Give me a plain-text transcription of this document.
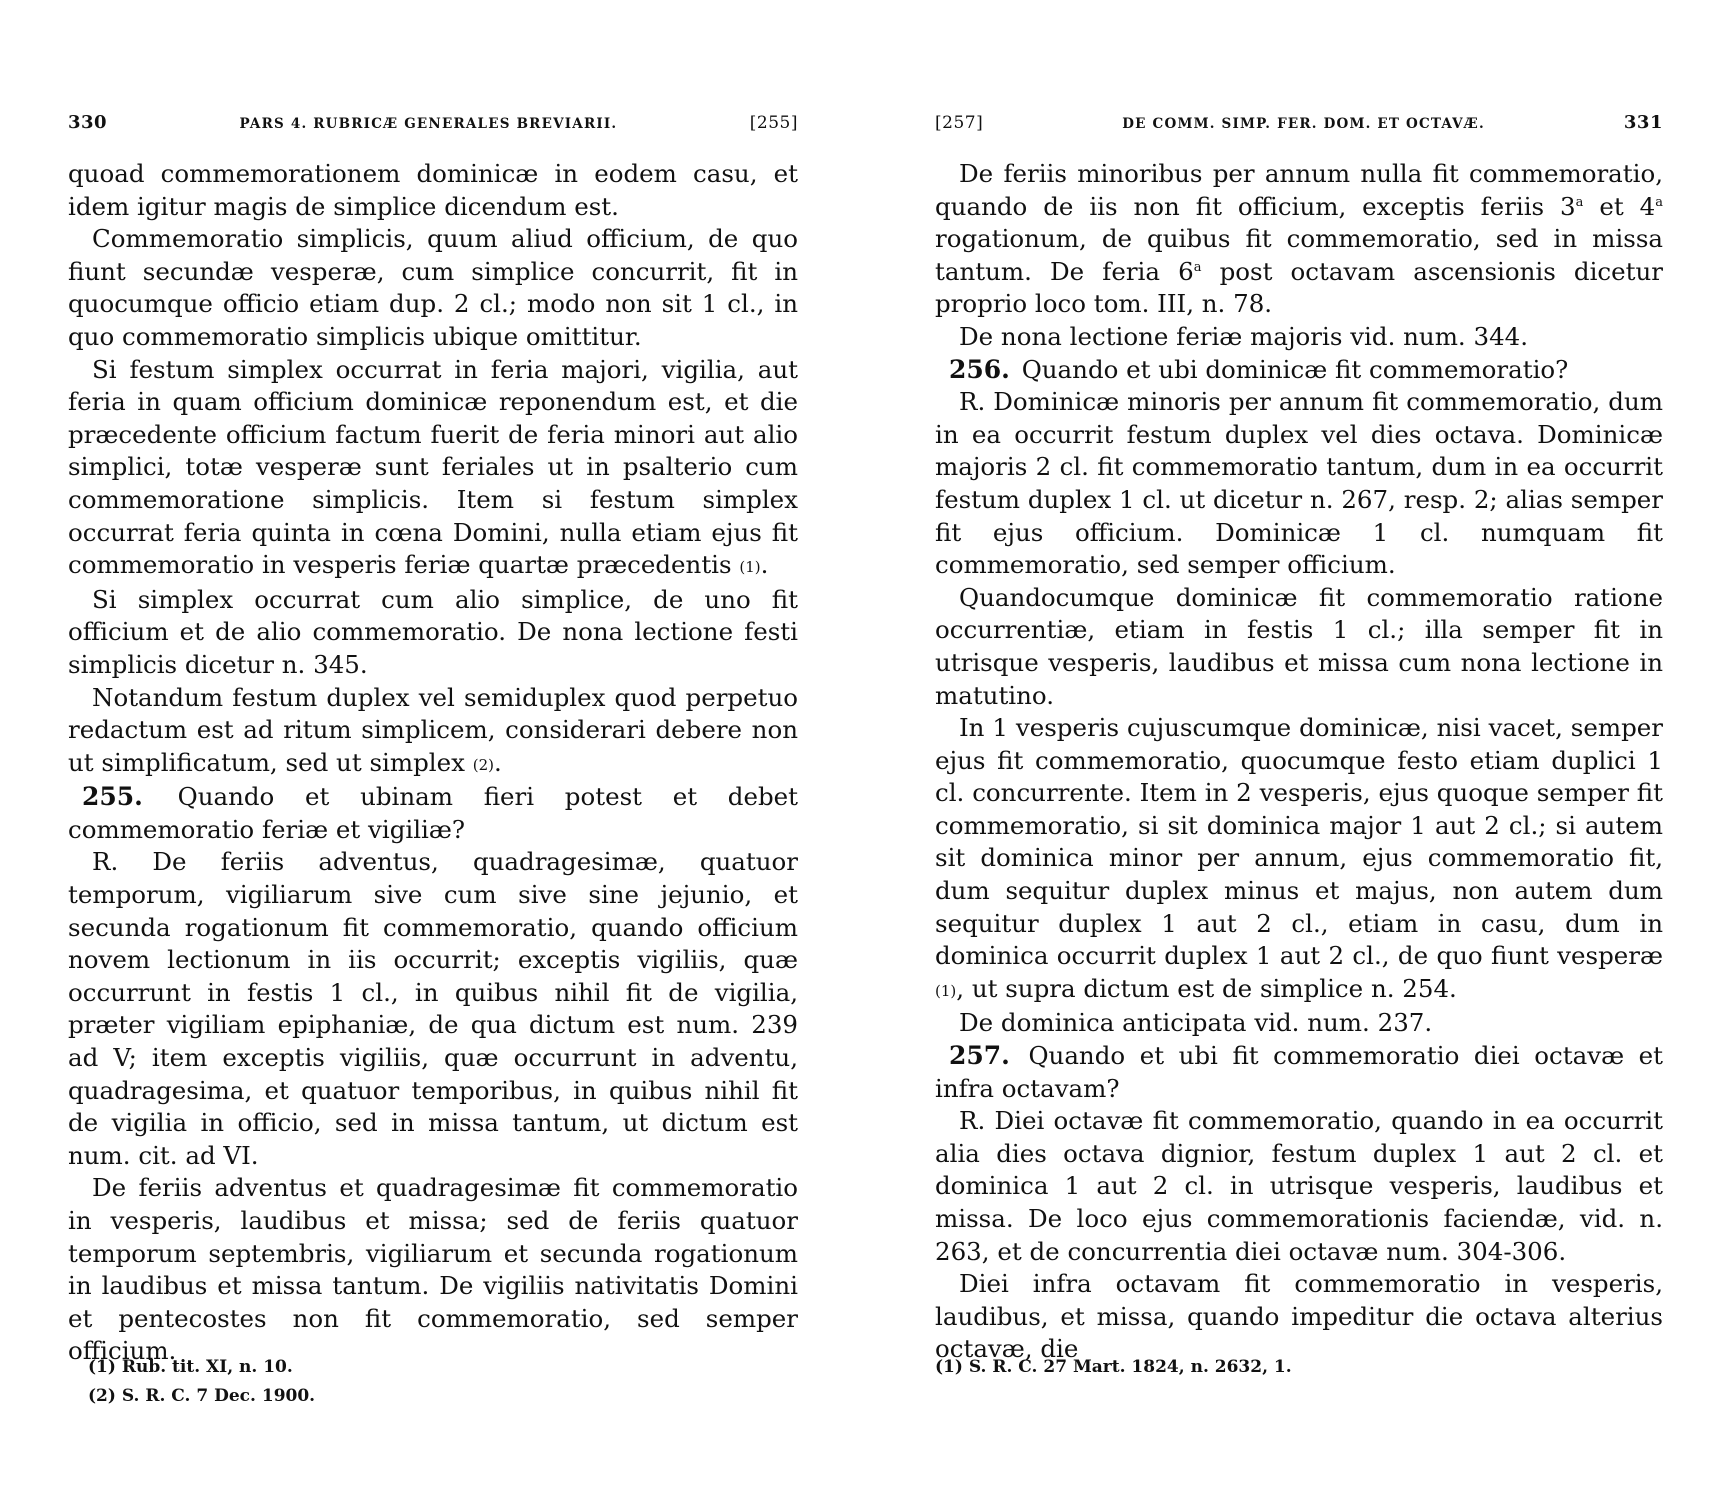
330	PARS 4. RUBRICÆ GENERALES BREVIARII.	[255]

quoad commemorationem dominicæ in eodem casu, et idem igitur magis de simplice dicendum est.

Commemoratio simplicis, quum aliud officium, de quo fiunt secundæ vesperæ, cum simplice concurrit, fit in quocumque officio etiam dup. 2 cl.; modo non sit 1 cl., in quo commemoratio simplicis ubique omittitur.

Si festum simplex occurrat in feria majori, vigilia, aut feria in quam officium dominicæ reponendum est, et die præcedente officium factum fuerit de feria minori aut alio simplici, totæ vesperæ sunt feriales ut in psalterio cum commemoratione simplicis. Item si festum simplex occurrat feria quinta in cœna Domini, nulla etiam ejus fit commemoratio in vesperis feriæ quartæ præcedentis (1).

Si simplex occurrat cum alio simplice, de uno fit officium et de alio commemoratio. De nona lectione festi simplicis dicetur n. 345.

Notandum festum duplex vel semiduplex quod perpetuo redactum est ad ritum simplicem, considerari debere non ut simplificatum, sed ut simplex (2).

255. Quando et ubinam fieri potest et debet commemoratio feriæ et vigiliæ?

R. De feriis adventus, quadragesimæ, quatuor temporum, vigiliarum sive cum sive sine jejunio, et secunda rogationum fit commemoratio, quando officium novem lectionum in iis occurrit; exceptis vigiliis, quæ occurrunt in festis 1 cl., in quibus nihil fit de vigilia, præter vigiliam epiphaniæ, de qua dictum est num. 239 ad V; item exceptis vigiliis, quæ occurrunt in adventu, quadragesima, et quatuor temporibus, in quibus nihil fit de vigilia in officio, sed in missa tantum, ut dictum est num. cit. ad VI.

De feriis adventus et quadragesimæ fit commemoratio in vesperis, laudibus et missa; sed de feriis quatuor temporum septembris, vigiliarum et secunda rogationum in laudibus et missa tantum. De vigiliis nativitatis Domini et pentecostes non fit commemoratio, sed semper officium.

(1) Rub. tit. XI, n. 10.
(2) S. R. C. 7 Dec. 1900.
[257]	DE COMM. SIMP. FER. DOM. ET OCTAVÆ.	331

De feriis minoribus per annum nulla fit commemoratio, quando de iis non fit officium, exceptis feriis 3$^a$ et 4$^a$ rogationum, de quibus fit commemoratio, sed in missa tantum. De feria 6$^a$ post octavam ascensionis dicetur proprio loco tom. III, n. 78.

De nona lectione feriæ majoris vid. num. 344.

256. Quando et ubi dominicæ fit commemoratio?

R. Dominicæ minoris per annum fit commemoratio, dum in ea occurrit festum duplex vel dies octava. Dominicæ majoris 2 cl. fit commemoratio tantum, dum in ea occurrit festum duplex 1 cl. ut dicetur n. 267, resp. 2; alias semper fit ejus officium. Dominicæ 1 cl. numquam fit commemoratio, sed semper officium.

Quandocumque dominicæ fit commemoratio ratione occurrentiæ, etiam in festis 1 cl.; illa semper fit in utrisque vesperis, laudibus et missa cum nona lectione in matutino.

In 1 vesperis cujuscumque dominicæ, nisi vacet, semper ejus fit commemoratio, quocumque festo etiam duplici 1 cl. concurrente. Item in 2 vesperis, ejus quoque semper fit commemoratio, si sit dominica major 1 aut 2 cl.; si autem sit dominica minor per annum, ejus commemoratio fit, dum sequitur duplex minus et majus, non autem dum sequitur duplex 1 aut 2 cl., etiam in casu, dum in dominica occurrit duplex 1 aut 2 cl., de quo fiunt vesperæ (1), ut supra dictum est de simplice n. 254.

De dominica anticipata vid. num. 237.

257. Quando et ubi fit commemoratio diei octavæ et infra octavam?

R. Diei octavæ fit commemoratio, quando in ea occurrit alia dies octava dignior, festum duplex 1 aut 2 cl. et dominica 1 aut 2 cl. in utrisque vesperis, laudibus et missa. De loco ejus commemorationis faciendæ, vid. n. 263, et de concurrentia diei octavæ num. 304-306.

Diei infra octavam fit commemoratio in vesperis, laudibus, et missa, quando impeditur die octava alterius octavæ, die

(1) S. R. C. 27 Mart. 1824, n. 2632, 1.
